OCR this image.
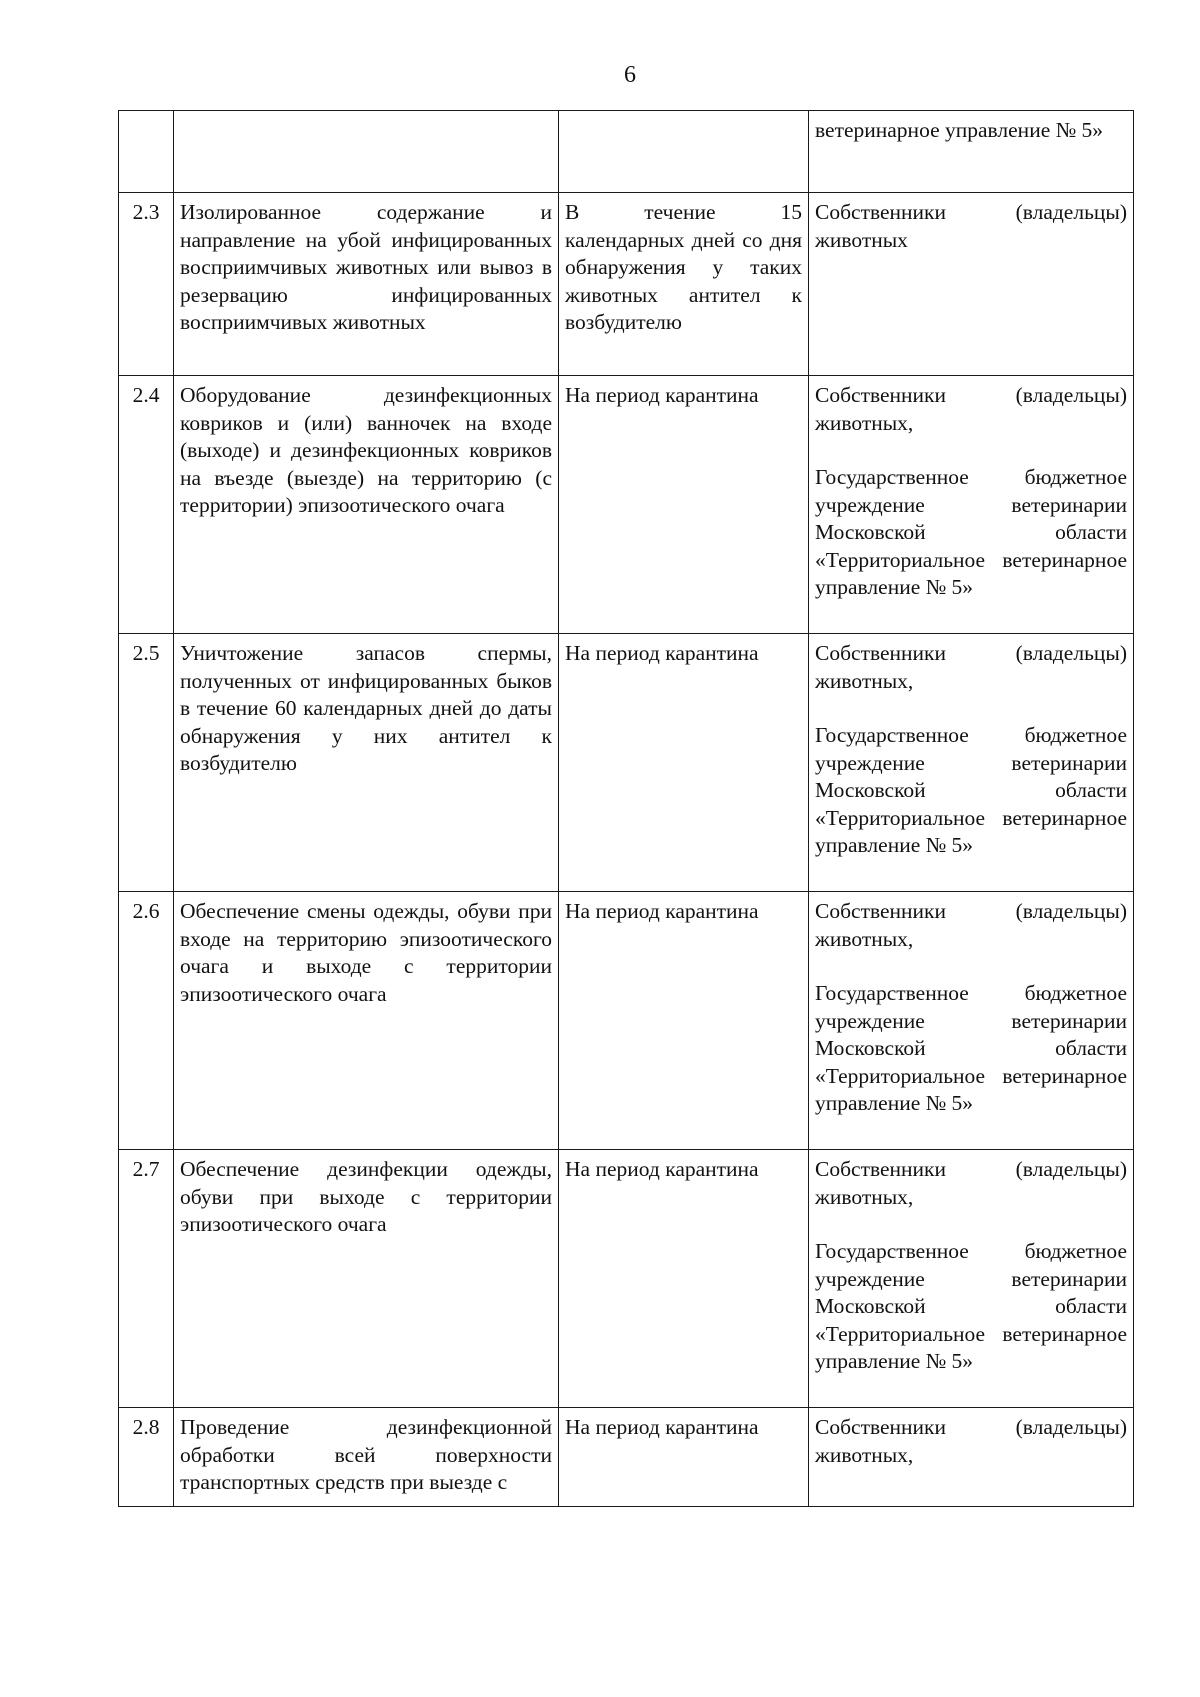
6
			ветеринарное управление № 5»
2.3	Изолированное содержание и направление на убой инфицированных восприимчивых животных или вывоз в резервацию инфицированных восприимчивых животных	В течение 15 календарных дней со дня обнаружения у таких животных антител к возбудителю	Собственники (владельцы) животных

2.4	Оборудование дезинфекционных ковриков и (или) ванночек на входе (выходе) и дезинфекционных ковриков на въезде (выезде) на территорию (с территории) эпизоотического очага	На период карантина	Собственники (владельцы) животных,
Государственное бюджетное учреждение ветеринарии Московской области «Территориальное ветеринарное управление № 5»

2.5	Уничтожение запасов спермы, полученных от инфицированных быков в течение 60 календарных дней до даты обнаружения у них антител к возбудителю	На период карантина	Собственники (владельцы) животных,
Государственное бюджетное учреждение ветеринарии Московской области «Территориальное ветеринарное управление № 5»

2.6	Обеспечение смены одежды, обуви при входе на территорию эпизоотического очага и выходе с территории эпизоотического очага	На период карантина	Собственники (владельцы) животных,
Государственное бюджетное учреждение ветеринарии Московской области «Территориальное ветеринарное управление № 5»

2.7	Обеспечение дезинфекции одежды, обуви при выходе с территории эпизоотического очага	На период карантина	Собственники (владельцы) животных,
Государственное бюджетное учреждение ветеринарии Московской области «Территориальное ветеринарное управление № 5»

2.8	Проведение дезинфекционной обработки всей поверхности транспортных средств при выезде с	На период карантина	Собственники (владельцы) животных,
